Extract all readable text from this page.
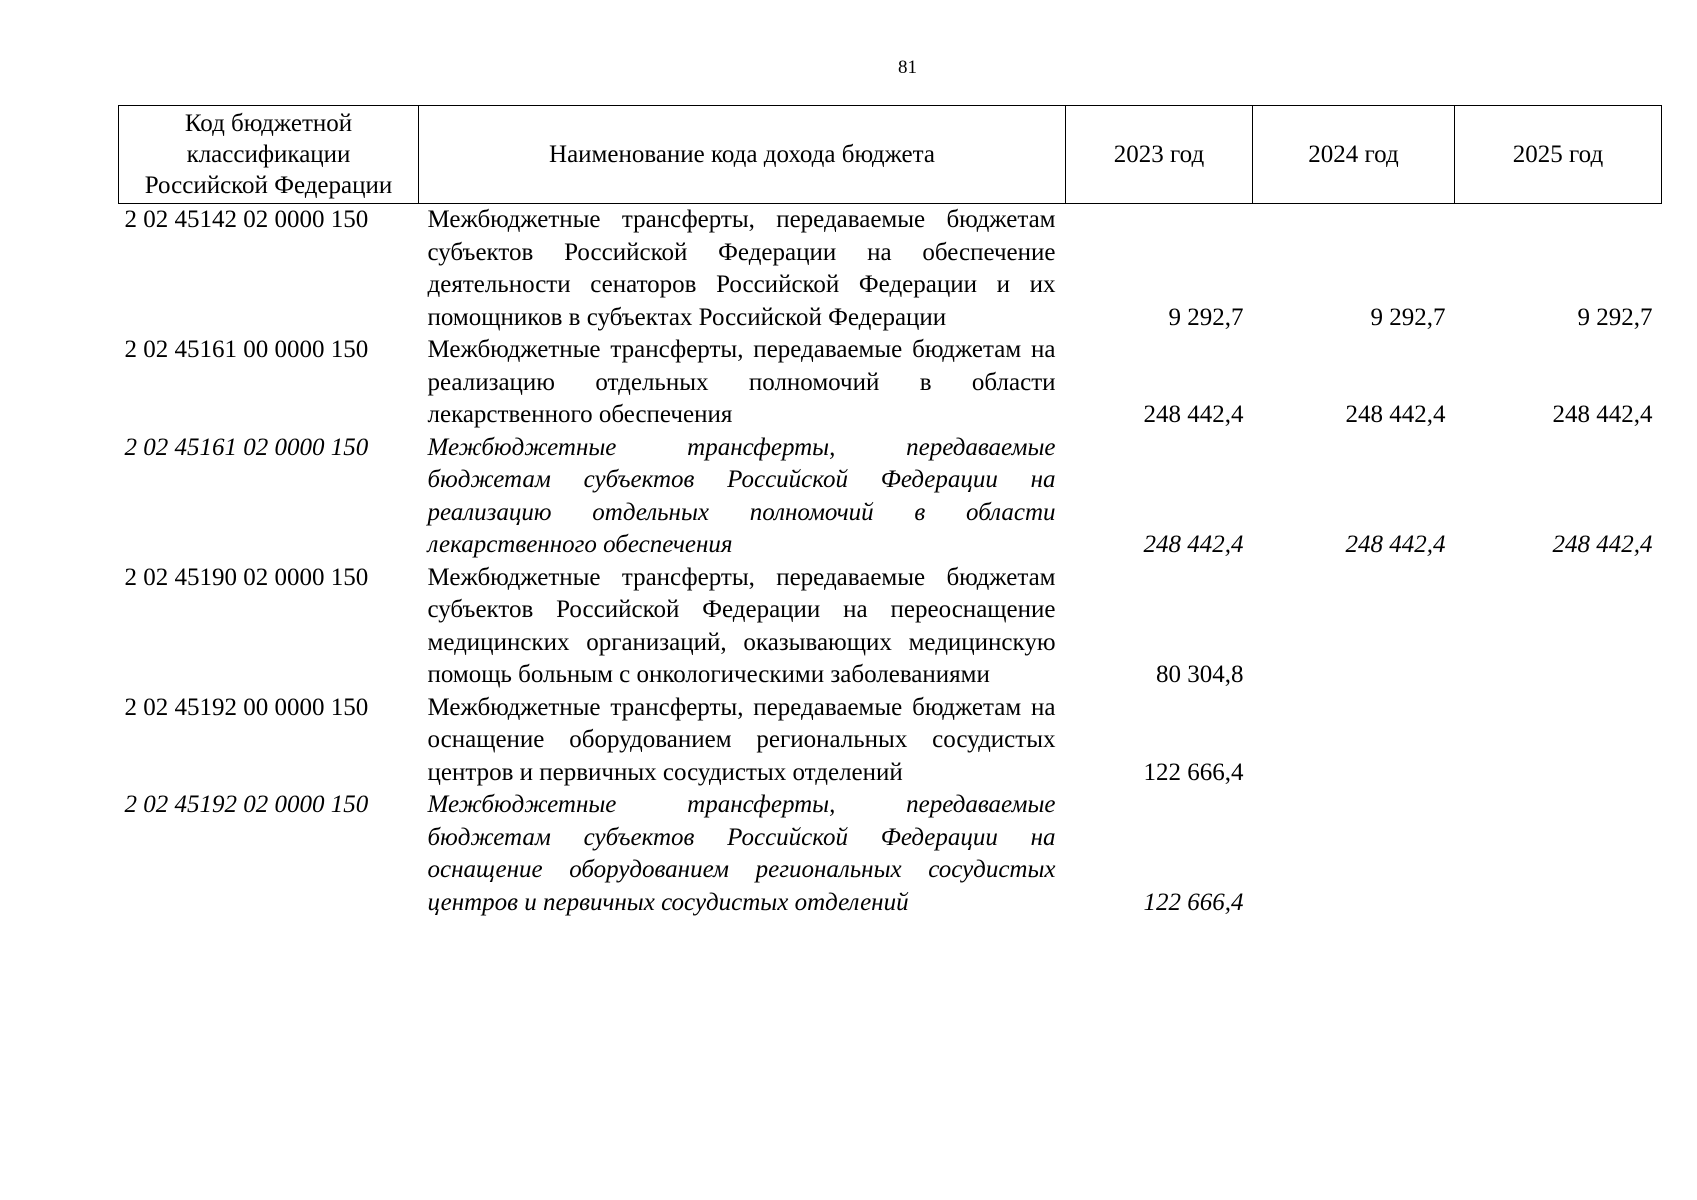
81
Код бюджетной классификации Российской Федерации	Наименование кода дохода бюджета	2023 год	2024 год	2025 год
2 02 45142 02 0000 150	Межбюджетные трансферты, передаваемые бюджетам субъектов Российской Федерации на обеспечение деятельности сенаторов Российской Федерации и их помощников в субъектах Российской Федерации	9 292,7	9 292,7	9 292,7
2 02 45161 00 0000 150	Межбюджетные трансферты, передаваемые бюджетам на реализацию отдельных полномочий в области лекарственного обеспечения	248 442,4	248 442,4	248 442,4
2 02 45161 02 0000 150	Межбюджетные трансферты, передаваемые бюджетам субъектов Российской Федерации на реализацию отдельных полномочий в области лекарственного обеспечения	248 442,4	248 442,4	248 442,4
2 02 45190 02 0000 150	Межбюджетные трансферты, передаваемые бюджетам субъектов Российской Федерации на переоснащение медицинских организаций, оказывающих медицинскую помощь больным с онкологическими заболеваниями	80 304,8		
2 02 45192 00 0000 150	Межбюджетные трансферты, передаваемые бюджетам на оснащение оборудованием региональных сосудистых центров и первичных сосудистых отделений	122 666,4		
2 02 45192 02 0000 150	Межбюджетные трансферты, передаваемые бюджетам субъектов Российской Федерации на оснащение оборудованием региональных сосудистых центров и первичных сосудистых отделений	122 666,4		
